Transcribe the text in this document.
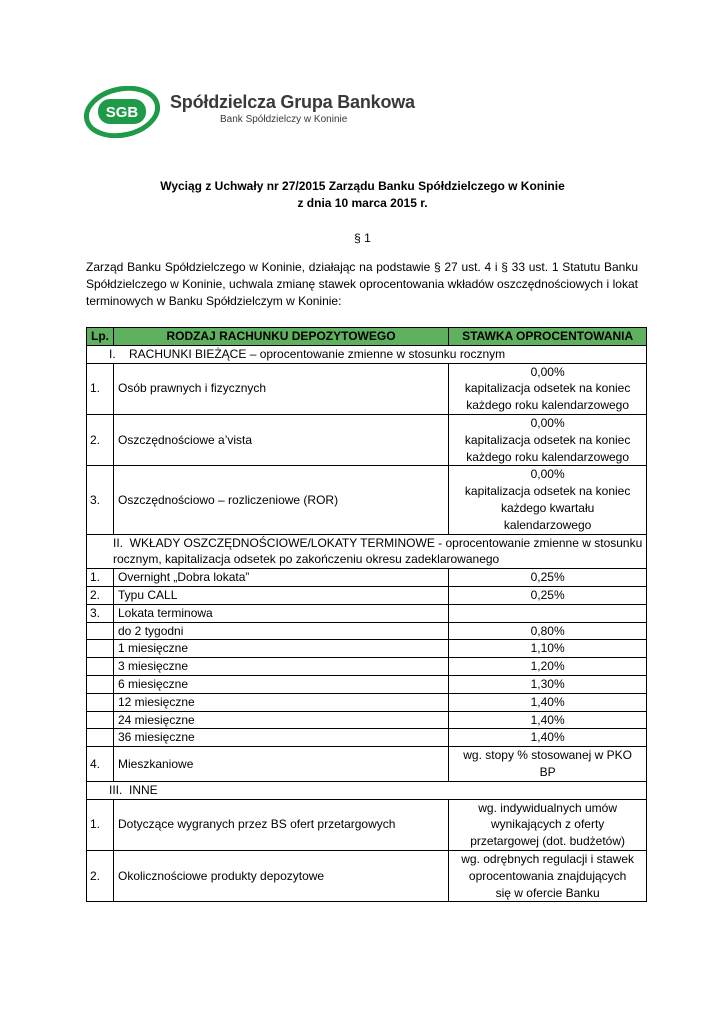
SGB
Spółdzielcza Grupa Bankowa
Bank Spółdzielczy w Koninie
Wyciąg z Uchwały nr 27/2015 Zarządu Banku Spółdzielczego w Koninie
z dnia 10 marca 2015 r.
§ 1
Zarząd Banku Spółdzielczego w Koninie, działając na podstawie § 27 ust. 4 i § 33 ust. 1 Statutu Banku Spółdzielczego w Koninie, uchwala zmianę stawek oprocentowania wkładów oszczędnościowych i lokat terminowych w Banku Spółdzielczym w Koninie:
Lp.	RODZAJ RACHUNKU DEPOZYTOWEGO	STAWKA OPROCENTOWANIA
I.    RACHUNKI BIEŻĄCE – oprocentowanie zmienne w stosunku rocznym		
1.	Osób prawnych i fizycznych	0,00%
kapitalizacja odsetek na koniec
każdego roku kalendarzowego

2.	Oszczędnościowe a’vista	0,00%
kapitalizacja odsetek na koniec
każdego roku kalendarzowego

3.	Oszczędnościowo – rozliczeniowe (ROR)	0,00%
kapitalizacja odsetek na koniec
każdego kwartału
kalendarzowego

II.  WKŁADY OSZCZĘDNOŚCIOWE/LOKATY TERMINOWE - oprocentowanie zmienne w stosunku
rocznym, kapitalizacja odsetek po zakończeniu okresu zadeklarowanego		

1.	Overnight „Dobra lokata”	0,25%
2.	Typu CALL	0,25%
3.	Lokata terminowa	
	do 2 tygodni	0,80%
	1 miesięczne	1,10%
	3 miesięczne	1,20%
	6 miesięczne	1,30%
	12 miesięczne	1,40%
	24 miesięczne	1,40%
	36 miesięczne	1,40%
4.	Mieszkaniowe	wg. stopy % stosowanej w PKO
BP

III.  INNE		
1.	Dotyczące wygranych przez BS ofert przetargowych	wg. indywidualnych umów
wynikających z oferty
przetargowej (dot. budżetów)

2.	Okolicznościowe produkty depozytowe	wg. odrębnych regulacji i stawek
oprocentowania znajdujących
się w ofercie Banku
